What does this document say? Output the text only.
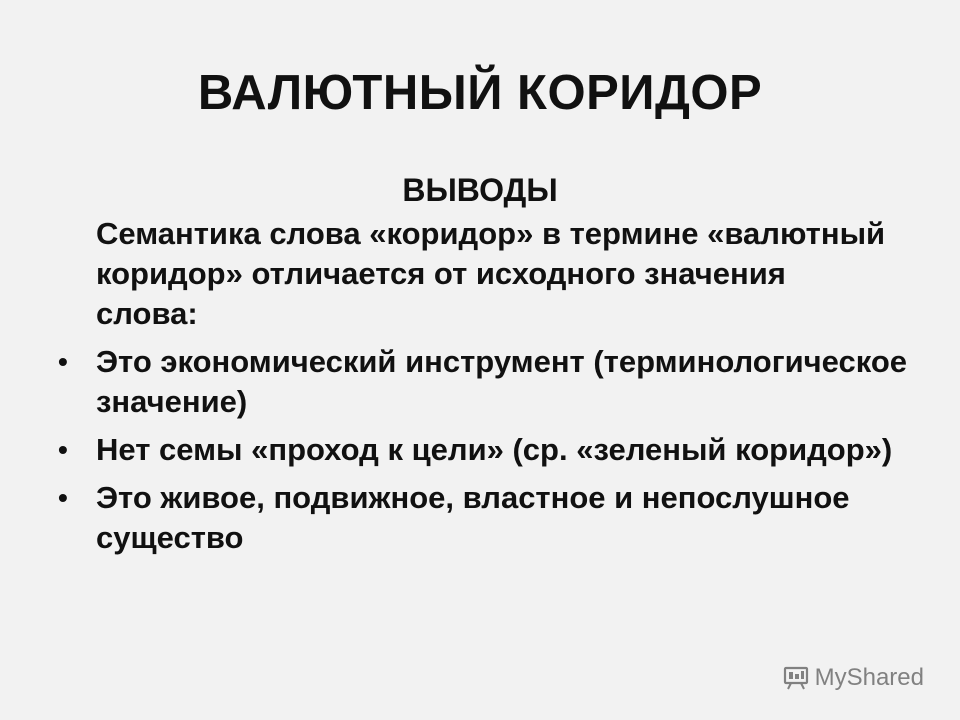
ВАЛЮТНЫЙ КОРИДОР
ВЫВОДЫ
Семантика слова «коридор» в термине «валютный коридор» отличается от исходного значения слова:
• Это экономический инструмент (терминологическое значение)
• Нет семы «проход к цели» (ср. «зеленый коридор»)
• Это живое, подвижное, властное и непослушное существо
MyShared
